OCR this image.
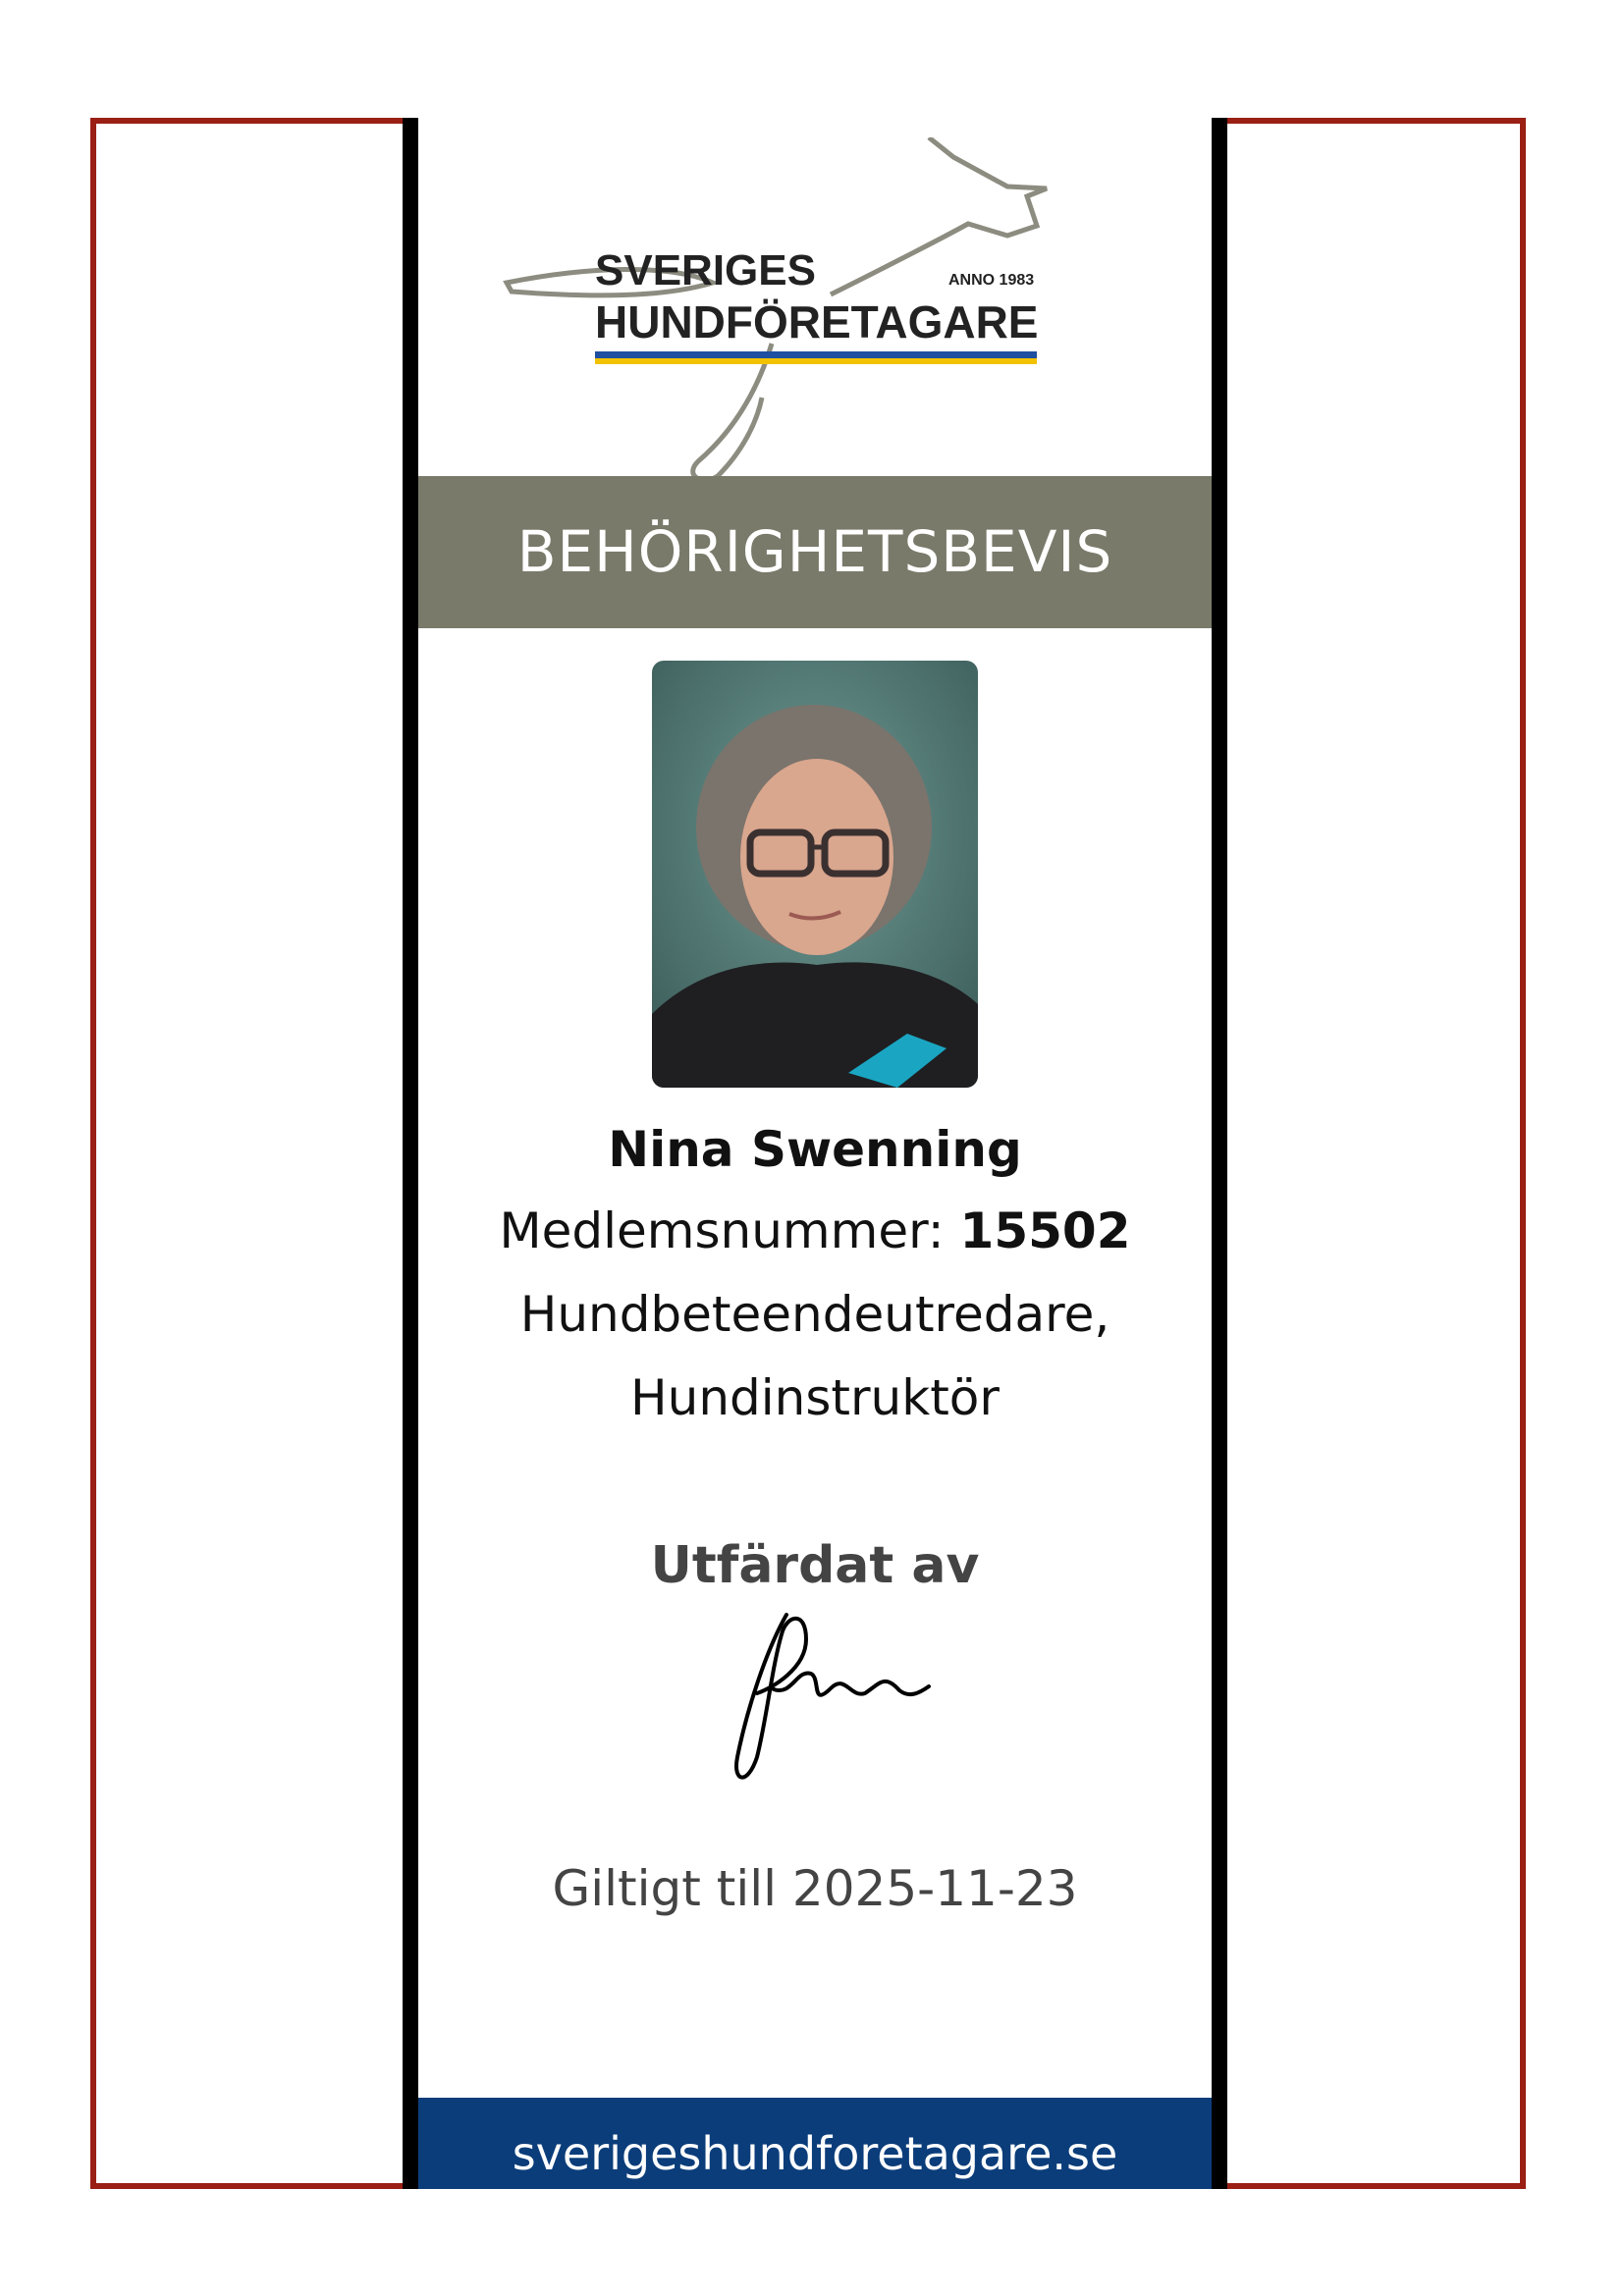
SVERIGES	ANNO 1983
HUNDFÖRETAGARE
BEHÖRIGHETSBEVIS
Nina Swenning
Medlemsnummer: 15502
Hundbeteendeutredare,
Hundinstruktör
Utfärdat av
Giltigt till 2025-11-23
sverigeshundforetagare.se
